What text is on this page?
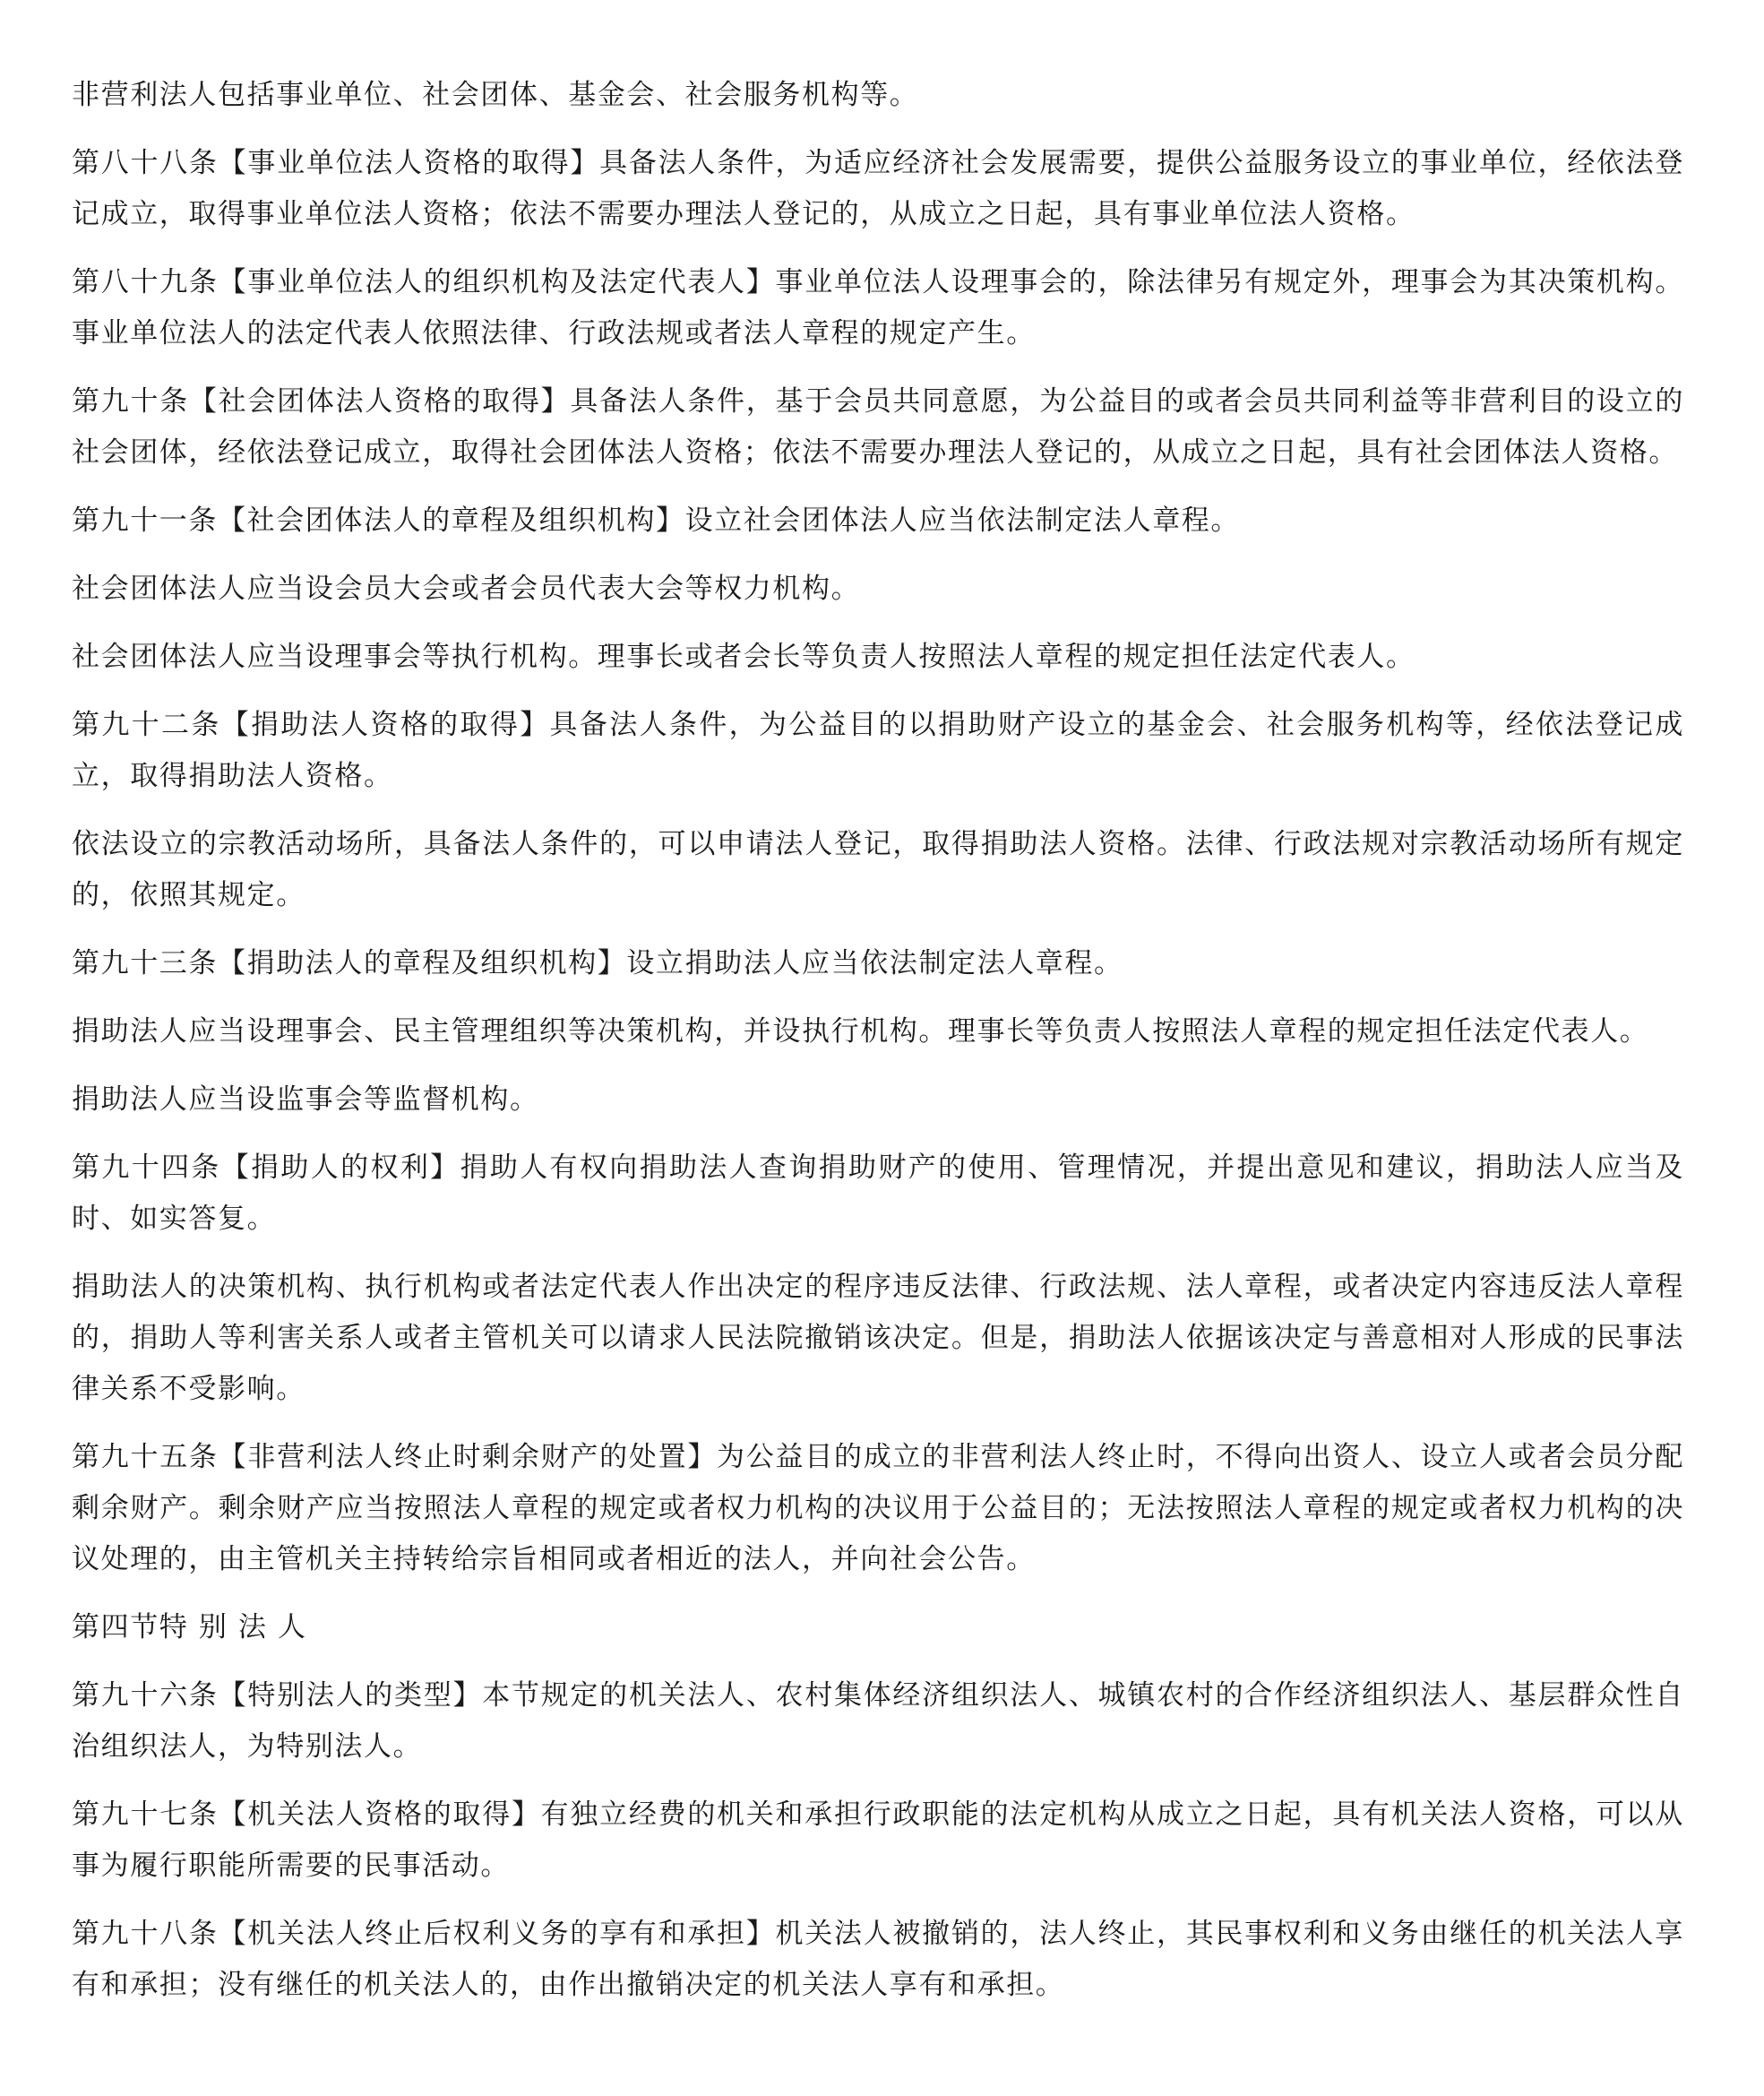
非营利法人包括事业单位、社会团体、基金会、社会服务机构等。

第八十八条【事业单位法人资格的取得】具备法人条件，为适应经济社会发展需要，提供公益服务设立的事业单位，经依法登记成立，取得事业单位法人资格；依法不需要办理法人登记的，从成立之日起，具有事业单位法人资格。

第八十九条【事业单位法人的组织机构及法定代表人】事业单位法人设理事会的，除法律另有规定外，理事会为其决策机构。事业单位法人的法定代表人依照法律、行政法规或者法人章程的规定产生。

第九十条【社会团体法人资格的取得】具备法人条件，基于会员共同意愿，为公益目的或者会员共同利益等非营利目的设立的社会团体，经依法登记成立，取得社会团体法人资格；依法不需要办理法人登记的，从成立之日起，具有社会团体法人资格。

第九十一条【社会团体法人的章程及组织机构】设立社会团体法人应当依法制定法人章程。

社会团体法人应当设会员大会或者会员代表大会等权力机构。

社会团体法人应当设理事会等执行机构。理事长或者会长等负责人按照法人章程的规定担任法定代表人。

第九十二条【捐助法人资格的取得】具备法人条件，为公益目的以捐助财产设立的基金会、社会服务机构等，经依法登记成立，取得捐助法人资格。

依法设立的宗教活动场所，具备法人条件的，可以申请法人登记，取得捐助法人资格。法律、行政法规对宗教活动场所有规定的，依照其规定。

第九十三条【捐助法人的章程及组织机构】设立捐助法人应当依法制定法人章程。

捐助法人应当设理事会、民主管理组织等决策机构，并设执行机构。理事长等负责人按照法人章程的规定担任法定代表人。

捐助法人应当设监事会等监督机构。

第九十四条【捐助人的权利】捐助人有权向捐助法人查询捐助财产的使用、管理情况，并提出意见和建议，捐助法人应当及时、如实答复。

捐助法人的决策机构、执行机构或者法定代表人作出决定的程序违反法律、行政法规、法人章程，或者决定内容违反法人章程的，捐助人等利害关系人或者主管机关可以请求人民法院撤销该决定。但是，捐助法人依据该决定与善意相对人形成的民事法律关系不受影响。

第九十五条【非营利法人终止时剩余财产的处置】为公益目的成立的非营利法人终止时，不得向出资人、设立人或者会员分配剩余财产。剩余财产应当按照法人章程的规定或者权力机构的决议用于公益目的；无法按照法人章程的规定或者权力机构的决议处理的，由主管机关主持转给宗旨相同或者相近的法人，并向社会公告。

第四节特 别 法 人

第九十六条【特别法人的类型】本节规定的机关法人、农村集体经济组织法人、城镇农村的合作经济组织法人、基层群众性自治组织法人，为特别法人。

第九十七条【机关法人资格的取得】有独立经费的机关和承担行政职能的法定机构从成立之日起，具有机关法人资格，可以从事为履行职能所需要的民事活动。

第九十八条【机关法人终止后权利义务的享有和承担】机关法人被撤销的，法人终止，其民事权利和义务由继任的机关法人享有和承担；没有继任的机关法人的，由作出撤销决定的机关法人享有和承担。
